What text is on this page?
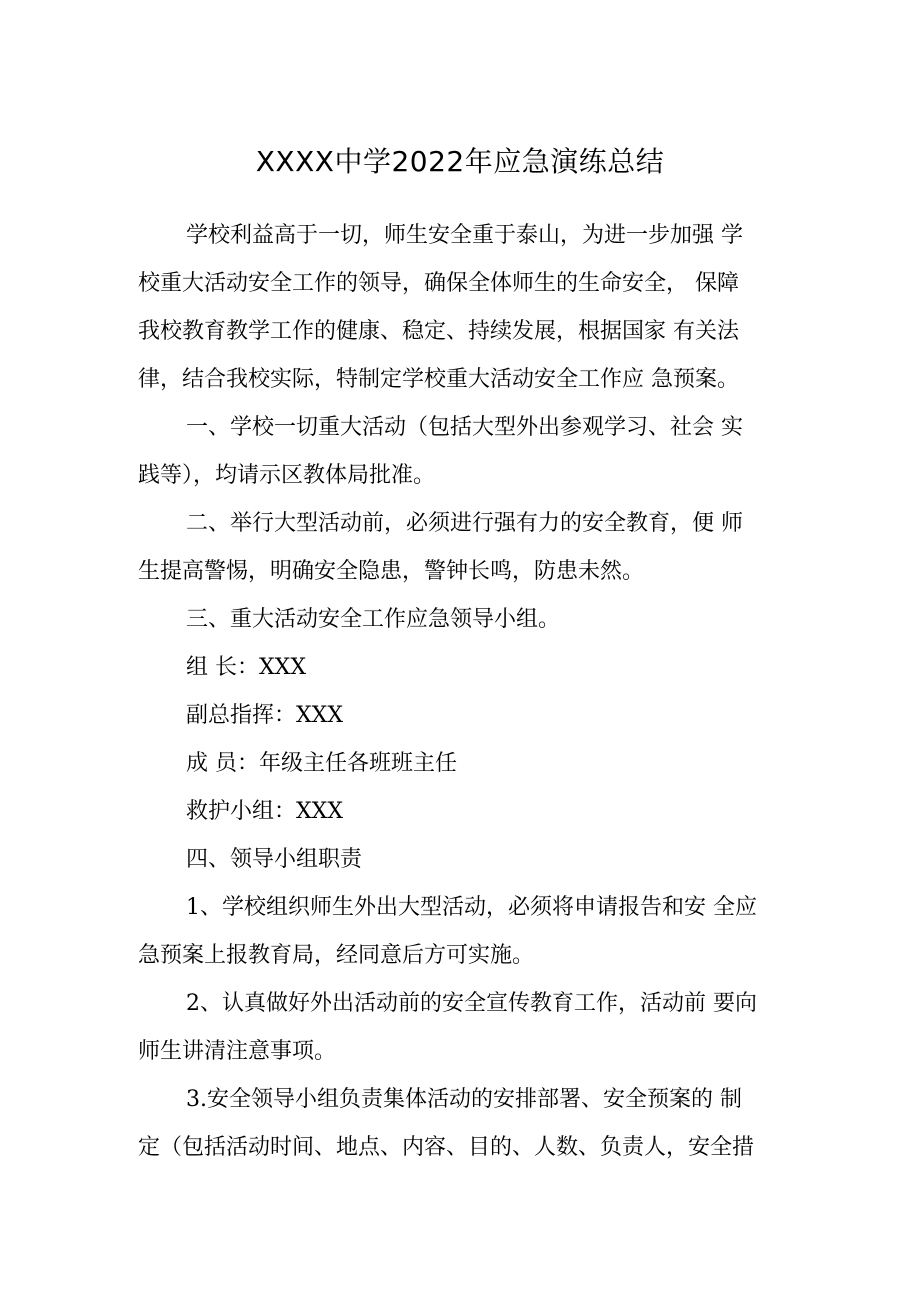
XXXX中学2022年应急演练总结

学校利益高于一切，师生安全重于泰山，为进一步加强 学
校重大活动安全工作的领导，确保全体师生的生命安全， 保障
我校教育教学工作的健康、稳定、持续发展，根据国家 有关法
律，结合我校实际，特制定学校重大活动安全工作应 急预案。

一、学校一切重大活动（包括大型外出参观学习、社会 实
践等），均请示区教体局批准。

二、举行大型活动前，必须进行强有力的安全教育，便 师
生提高警惕，明确安全隐患，警钟长鸣，防患未然。

三、重大活动安全工作应急领导小组。

组 长：XXX

副总指挥：XXX

成 员：年级主任各班班主任

救护小组：XXX

四、领导小组职责

1、学校组织师生外出大型活动，必须将申请报告和安 全应
急预案上报教育局，经同意后方可实施。

2、认真做好外出活动前的安全宣传教育工作，活动前 要向
师生讲清注意事项。

3.安全领导小组负责集体活动的安排部署、安全预案的 制
定（包括活动时间、地点、内容、目的、人数、负责人，安全措
